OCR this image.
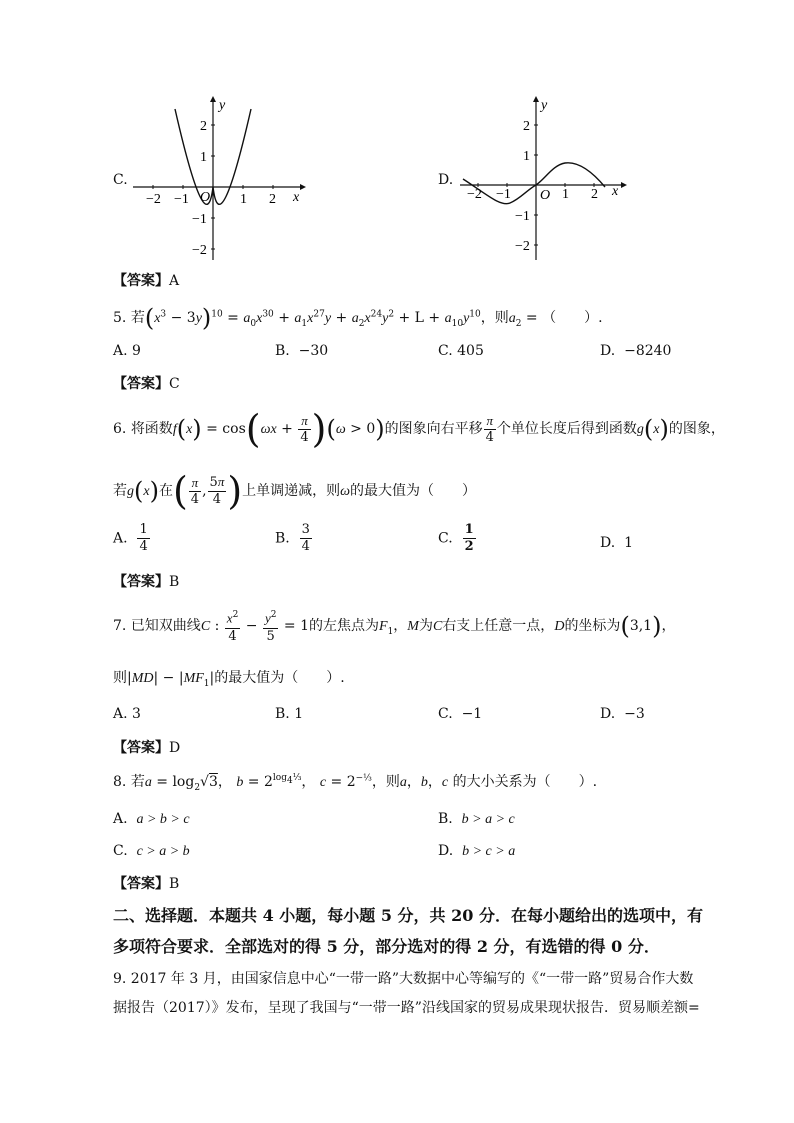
C.
−2 −1	1 2
2
1
−1
−2
O	x
y
D.
−2 −1	1 2
2
1
−1
−2
O	x
y
【答案】A
5. 若$(x^3 - 3y)^{10} = a_0x^{30} + a_1x^{27}y + a_2x^{24}y^2 + L + a_{10}y^{10}$，则$a_2$ = （　　）.
A. 9	B. −30	C. 405	D. −8240
【答案】C
6. 将函数$f(x) = \cos(\omega x + \frac{\pi}{4} )(\omega > 0)$的图象向右平移 $\frac{\pi}{4}$ 个单位长度后得到函数g(x)的图象，
若g(x)在( $\frac{\pi}{4}$ , $\frac{5\pi}{4}$ )上单调递减，则ω的最大值为（　　）
A. $\frac{1}{4}$	B. $\frac{3}{4}$	C. $\frac{1}{2}$	D. 1
【答案】B
7. 已知双曲线C : $\frac{x^2}{4} - \frac{y^2}{5} = 1$的左焦点为$F_1$，M为C右支上任意一点，D的坐标为(3,1)，
则$|MD| - |MF_1|$的最大值为（　　）.
A. 3	B. 1	C. −1	D. −3
【答案】D
8. 若$a = \log_2√3$， $b = 2^{log_4\frac{1}{3}}$， $c = 2^{-\frac{1}{3}}$，则a，b，c 的大小关系为（　　）.
A. a > b > c	B. b > a > c
C. c > a > b	D. b > c > a
【答案】B
二、选择题．本题共 4 小题，每小题 5 分，共 20 分．在每小题给出的选项中，有
多项符合要求．全部选对的得 5 分，部分选对的得 2 分，有选错的得 0 分．
9. 2017 年 3 月，由国家信息中心“一带一路”大数据中心等编写的《“一带一路”贸易合作大数
据报告（2017）》发布，呈现了我国与“一带一路”沿线国家的贸易成果现状报告．贸易顺差额=
